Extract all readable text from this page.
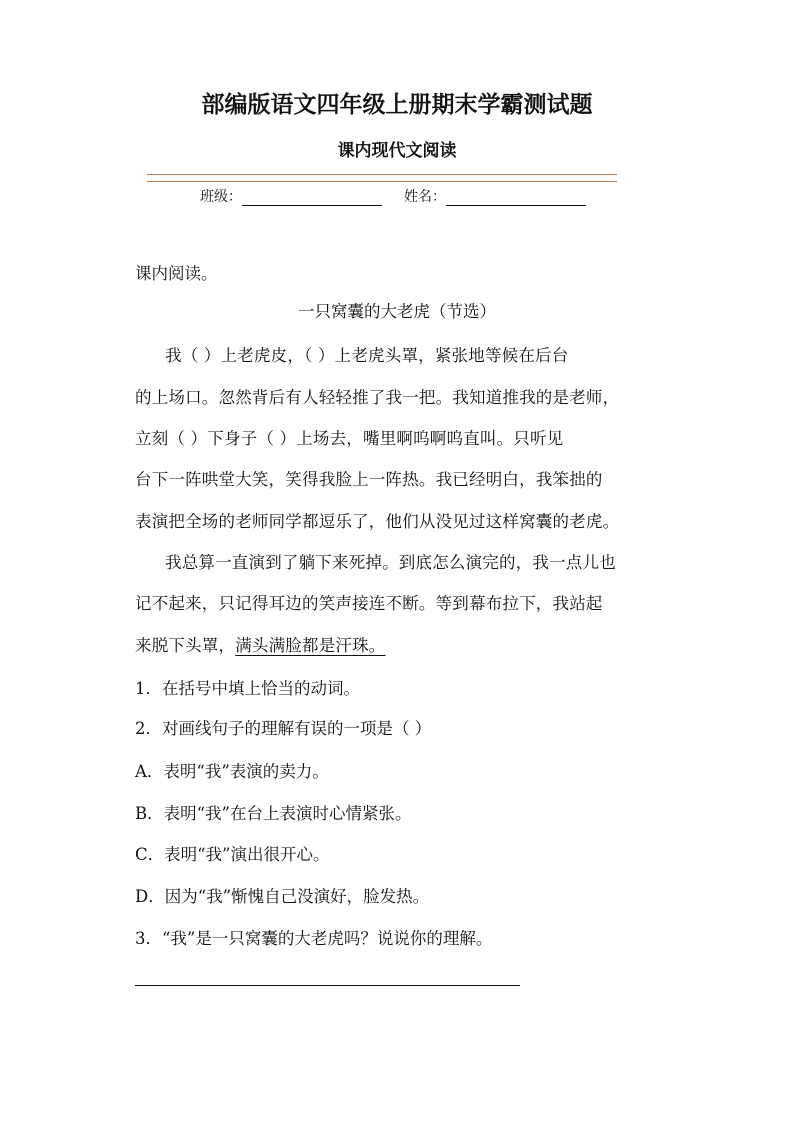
部编版语文四年级上册期末学霸测试题
课内现代文阅读
班级：	姓名：
课内阅读。
一只窝囊的大老虎（节选）
我（ ）上老虎皮，（ ）上老虎头罩，紧张地等候在后台
的上场口。忽然背后有人轻轻推了我一把。我知道推我的是老师，
立刻（ ）下身子（ ）上场去，嘴里啊呜啊呜直叫。只听见
台下一阵哄堂大笑，笑得我脸上一阵热。我已经明白，我笨拙的
表演把全场的老师同学都逗乐了，他们从没见过这样窝囊的老虎。
我总算一直演到了躺下来死掉。到底怎么演完的，我一点儿也
记不起来，只记得耳边的笑声接连不断。等到幕布拉下，我站起
来脱下头罩，满头满脸都是汗珠。
1．在括号中填上恰当的动词。
2．对画线句子的理解有误的一项是（ ）
A．表明“我”表演的卖力。
B．表明“我”在台上表演时心情紧张。
C．表明“我”演出很开心。
D．因为“我”惭愧自己没演好，脸发热。
3．“我”是一只窝囊的大老虎吗？说说你的理解。
